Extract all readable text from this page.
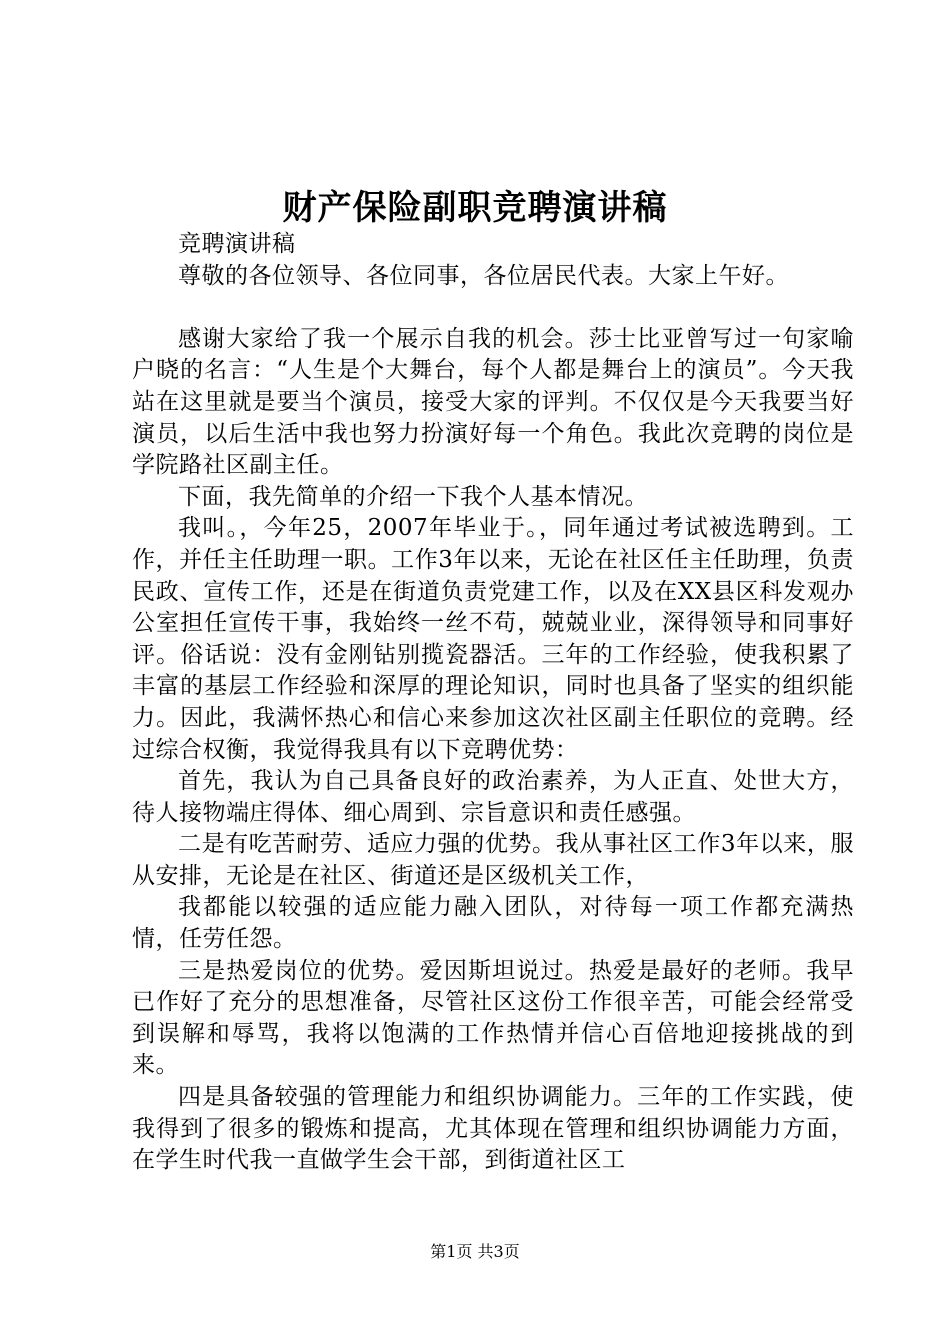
财产保险副职竞聘演讲稿

竞聘演讲稿

尊敬的各位领导、各位同事，各位居民代表。大家上午好。

感谢大家给了我一个展示自我的机会。莎士比亚曾写过一句家喻户晓的名言：“人生是个大舞台，每个人都是舞台上的演员”。今天我站在这里就是要当个演员，接受大家的评判。不仅仅是今天我要当好演员，以后生活中我也努力扮演好每一个角色。我此次竞聘的岗位是学院路社区副主任。

下面，我先简单的介绍一下我个人基本情况。

我叫。，今年25，2007年毕业于。，同年通过考试被选聘到。工作，并任主任助理一职。工作3年以来，无论在社区任主任助理，负责民政、宣传工作，还是在街道负责党建工作，以及在XX县区科发观办公室担任宣传干事，我始终一丝不苟，兢兢业业，深得领导和同事好评。俗话说：没有金刚钻别揽瓷器活。三年的工作经验，使我积累了丰富的基层工作经验和深厚的理论知识，同时也具备了坚实的组织能力。因此，我满怀热心和信心来参加这次社区副主任职位的竞聘。经过综合权衡，我觉得我具有以下竞聘优势：

首先，我认为自己具备良好的政治素养，为人正直、处世大方，待人接物端庄得体、细心周到、宗旨意识和责任感强。

二是有吃苦耐劳、适应力强的优势。我从事社区工作3年以来，服从安排，无论是在社区、街道还是区级机关工作，

我都能以较强的适应能力融入团队，对待每一项工作都充满热情，任劳任怨。

三是热爱岗位的优势。爱因斯坦说过。热爱是最好的老师。我早已作好了充分的思想准备，尽管社区这份工作很辛苦，可能会经常受到误解和辱骂，我将以饱满的工作热情并信心百倍地迎接挑战的到来。

四是具备较强的管理能力和组织协调能力。三年的工作实践，使我得到了很多的锻炼和提高，尤其体现在管理和组织协调能力方面，在学生时代我一直做学生会干部，到街道社区工

第1页 共3页
